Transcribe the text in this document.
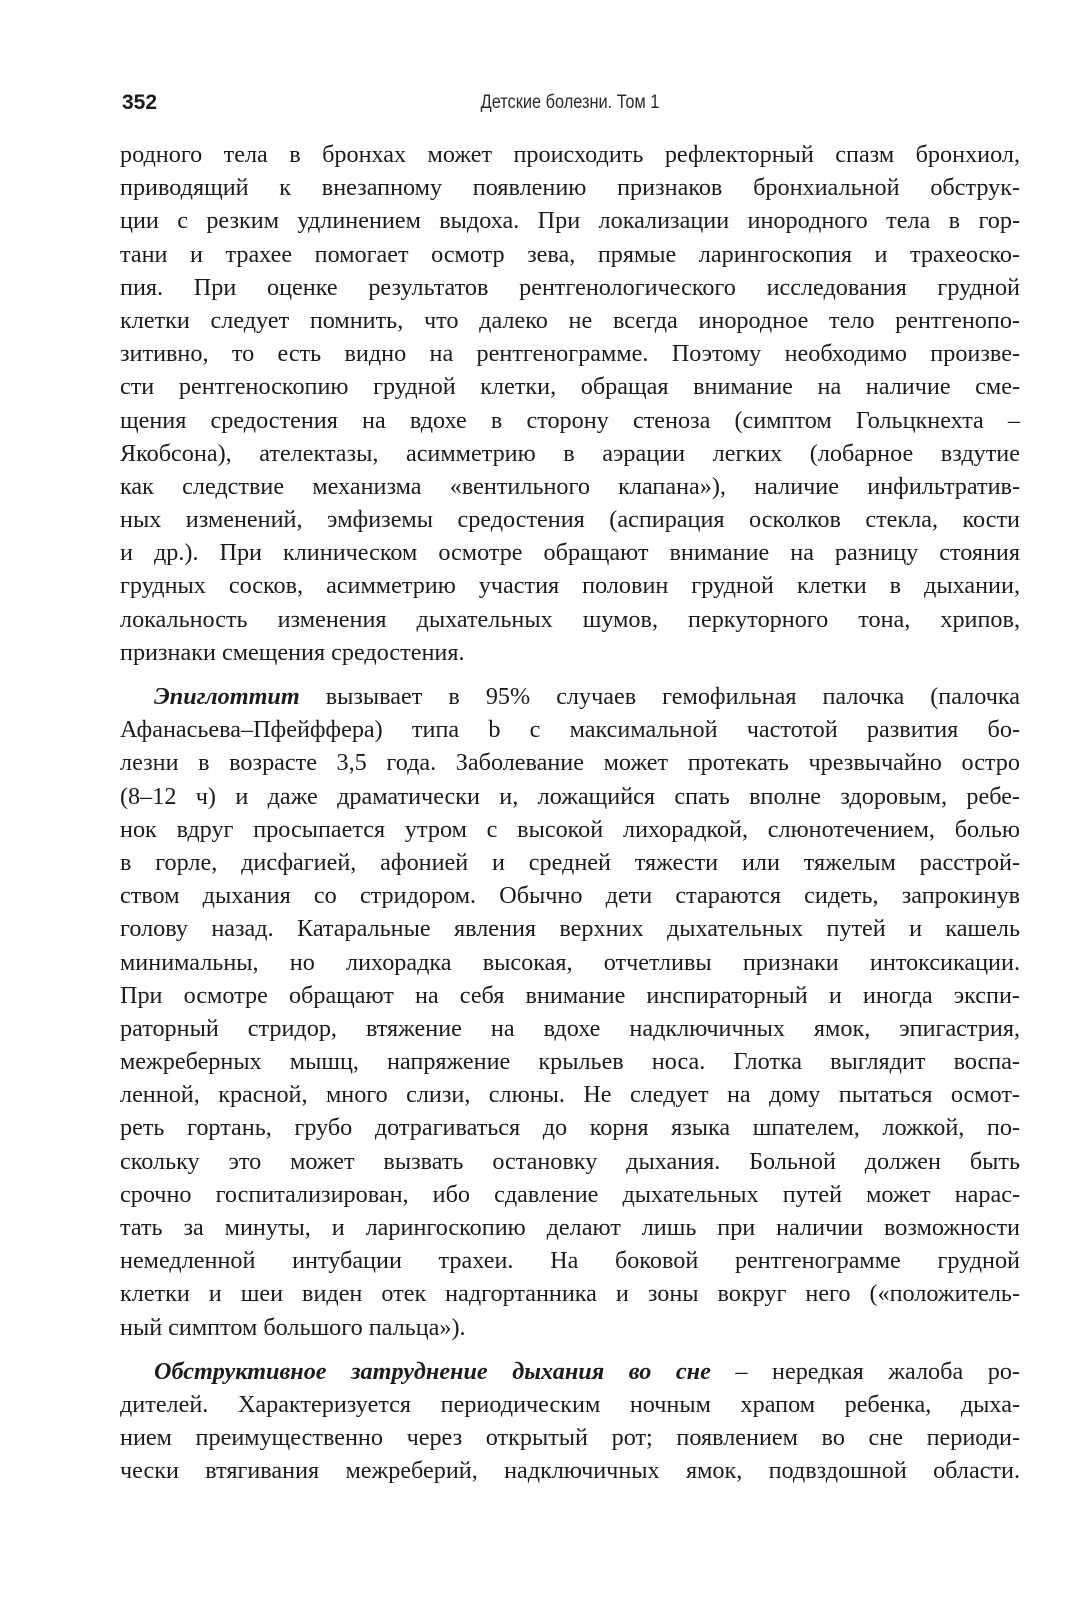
352	Детские болезни. Том 1
родного тела в бронхах может происходить рефлекторный спазм бронхиол,
приводящий к внезапному появлению признаков бронхиальной обструк-
ции с резким удлинением выдоха. При локализации инородного тела в гор-
тани и трахее помогает осмотр зева, прямые ларингоскопия и трахеоско-
пия. При оценке результатов рентгенологического исследования грудной
клетки следует помнить, что далеко не всегда инородное тело рентгенопо-
зитивно, то есть видно на рентгенограмме. Поэтому необходимо произве-
сти рентгеноскопию грудной клетки, обращая внимание на наличие сме-
щения средостения на вдохе в сторону стеноза (симптом Гольцкнехта –
Якобсона), ателектазы, асимметрию в аэрации легких (лобарное вздутие
как следствие механизма «вентильного клапана»), наличие инфильтратив-
ных изменений, эмфиземы средостения (аспирация осколков стекла, кости
и др.). При клиническом осмотре обращают внимание на разницу стояния
грудных сосков, асимметрию участия половин грудной клетки в дыхании,
локальность изменения дыхательных шумов, перкуторного тона, хрипов,
признаки смещения средостения.
Эпиглоттит вызывает в 95% случаев гемофильная палочка (палочка
Афанасьева–Пфейффера) типа b с максимальной частотой развития бо-
лезни в возрасте 3,5 года. Заболевание может протекать чрезвычайно остро
(8–12 ч) и даже драматически и, ложащийся спать вполне здоровым, ребе-
нок вдруг просыпается утром с высокой лихорадкой, слюнотечением, болью
в горле, дисфагией, афонией и средней тяжести или тяжелым расстрой-
ством дыхания со стридором. Обычно дети стараются сидеть, запрокинув
голову назад. Катаральные явления верхних дыхательных путей и кашель
минимальны, но лихорадка высокая, отчетливы признаки интоксикации.
При осмотре обращают на себя внимание инспираторный и иногда экспи-
раторный стридор, втяжение на вдохе надключичных ямок, эпигастрия,
межреберных мышц, напряжение крыльев носа. Глотка выглядит воспа-
ленной, красной, много слизи, слюны. Не следует на дому пытаться осмот-
реть гортань, грубо дотрагиваться до корня языка шпателем, ложкой, по-
скольку это может вызвать остановку дыхания. Больной должен быть
срочно госпитализирован, ибо сдавление дыхательных путей может нарас-
тать за минуты, и ларингоскопию делают лишь при наличии возможности
немедленной интубации трахеи. На боковой рентгенограмме грудной
клетки и шеи виден отек надгортанника и зоны вокруг него («положитель-
ный симптом большого пальца»).
Обструктивное затруднение дыхания во сне – нередкая жалоба ро-
дителей. Характеризуется периодическим ночным храпом ребенка, дыха-
нием преимущественно через открытый рот; появлением во сне периоди-
чески втягивания межреберий, надключичных ямок, подвздошной области.
